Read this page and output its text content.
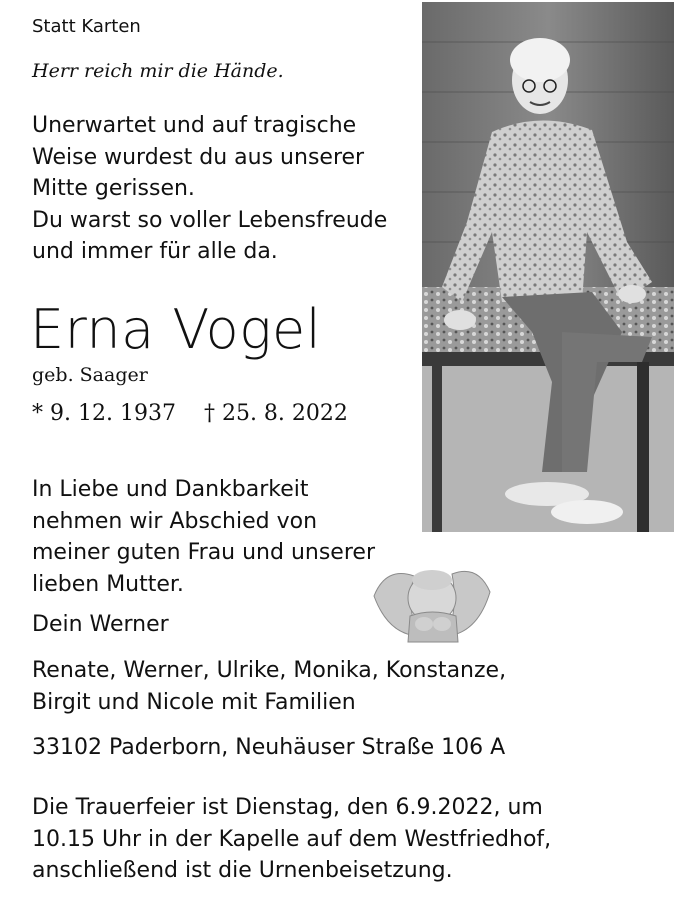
Statt Karten
Herr reich mir die Hände.
Unerwartet und auf tragische
Weise wurdest du aus unserer
Mitte gerissen.
Du warst so voller Lebensfreude
und immer für alle da.
Erna Vogel
geb. Saager
* 9. 12. 1937 † 25. 8. 2022
In Liebe und Dankbarkeit
nehmen wir Abschied von
meiner guten Frau und unserer
lieben Mutter.
Dein Werner
Renate, Werner, Ulrike, Monika, Konstanze,
Birgit und Nicole mit Familien
33102 Paderborn, Neuhäuser Straße 106 A
Die Trauerfeier ist Dienstag, den 6.9.2022, um
10.15 Uhr in der Kapelle auf dem Westfriedhof,
anschließend ist die Urnenbeisetzung.
